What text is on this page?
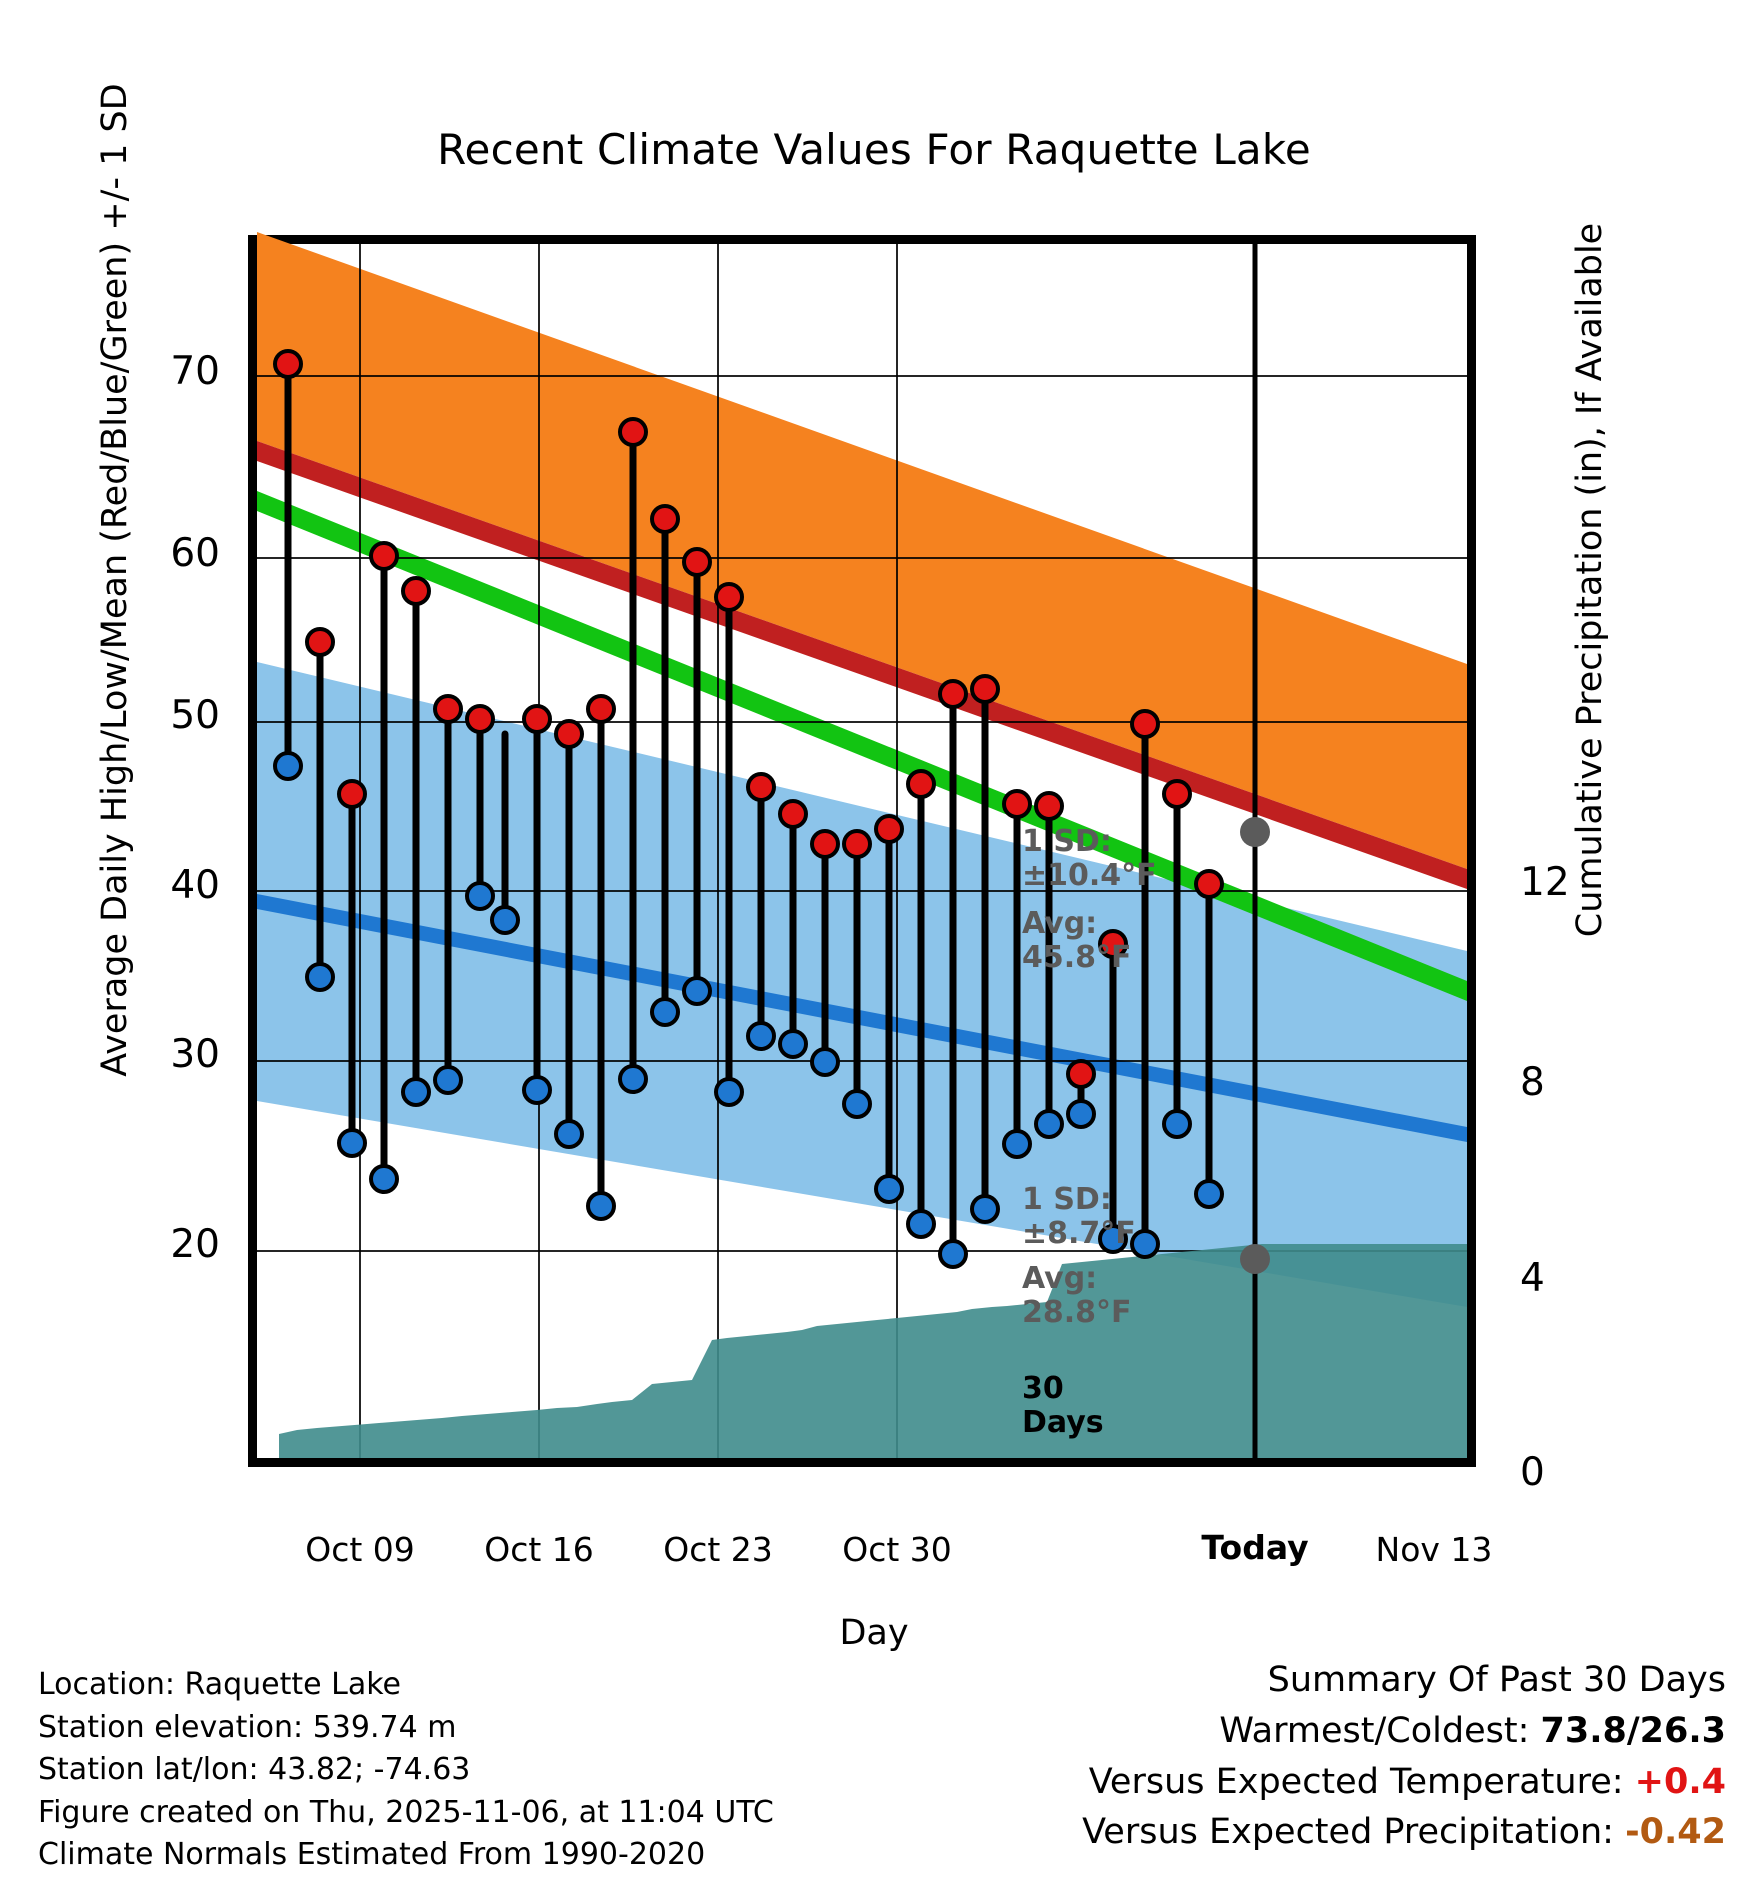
Recent Climate Values For Raquette Lake
Average Daily High/Low/Mean (Red/Blue/Green) +/- 1 SD	Cumulative Precipitation (in), If Available
Day
70
60
50
40
30
20
12
8
4
0
1 SD:
±10.4°F
Avg:
45.8°F
1 SD:
±8.7°F
Avg:
28.8°F
30
Days
Oct 09	Oct 16	Oct 23	Oct 30	Today	Nov 13
Location: Raquette Lake
Station elevation: 539.74 m
Station lat/lon: 43.82; -74.63
Figure created on Thu, 2025-11-06, at 11:04 UTC
Climate Normals Estimated From 1990-2020
Summary Of Past 30 Days
Warmest/Coldest: 73.8/26.3
Versus Expected Temperature: +0.4
Versus Expected Precipitation: -0.42
